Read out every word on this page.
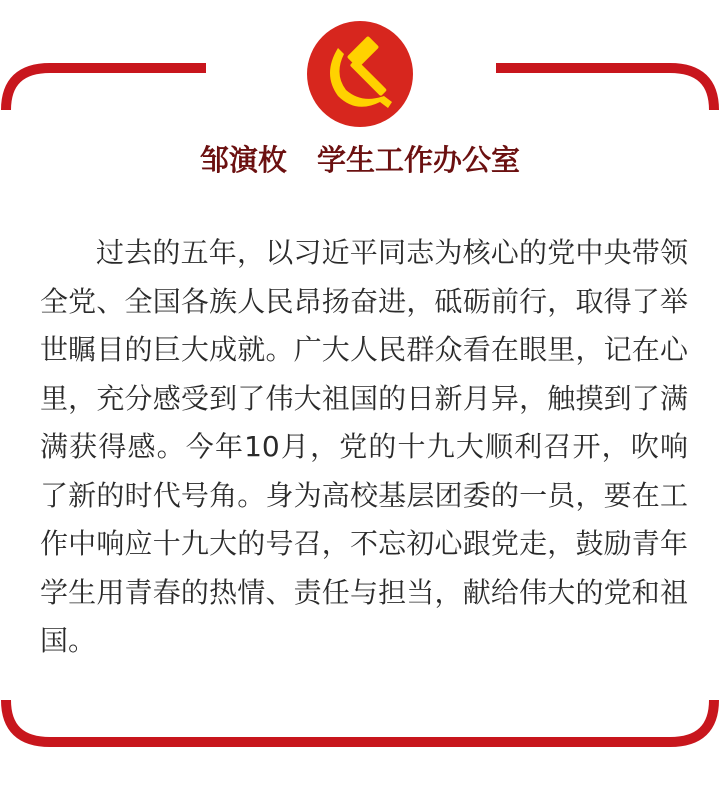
邹演枚 学生工作办公室

过去的五年，以习近平同志为核心的党中央带领全党、全国各族人民昂扬奋进，砥砺前行，取得了举世瞩目的巨大成就。广大人民群众看在眼里，记在心里，充分感受到了伟大祖国的日新月异，触摸到了满满获得感。今年10月，党的十九大顺利召开，吹响了新的时代号角。身为高校基层团委的一员，要在工作中响应十九大的号召，不忘初心跟党走，鼓励青年学生用青春的热情、责任与担当，献给伟大的党和祖国。
